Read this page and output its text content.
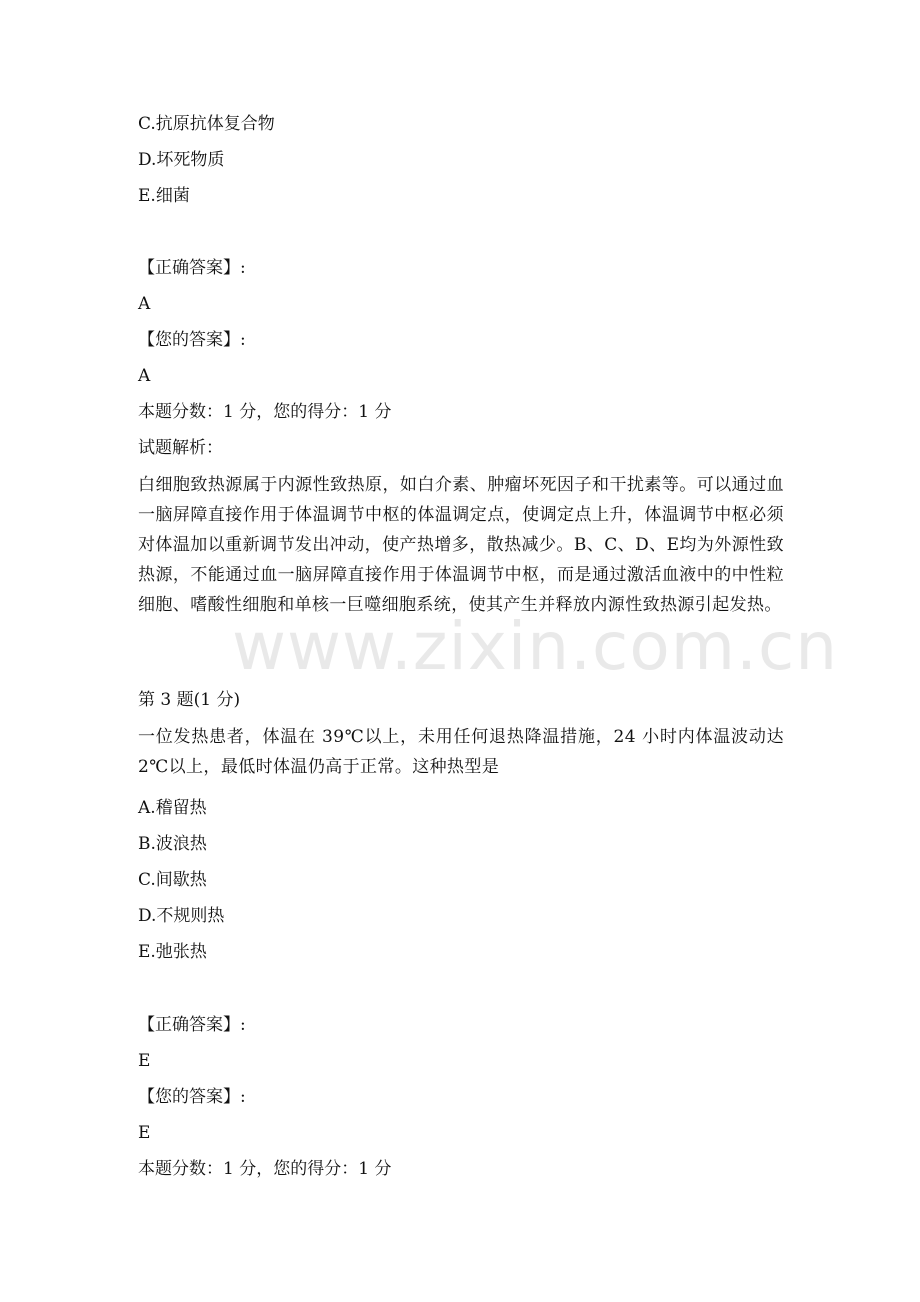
www.zixin.com.cn
C.抗原抗体复合物
D.坏死物质
E.细菌
【正确答案】:
A
【您的答案】:
A
本题分数：1 分，您的得分：1 分
试题解析：
白细胞致热源属于内源性致热原，如白介素、肿瘤坏死因子和干扰素等。可以通过血一脑屏障直接作用于体温调节中枢的体温调定点，使调定点上升，体温调节中枢必须对体温加以重新调节发出冲动，使产热增多，散热减少。B、C、D、E均为外源性致热源，不能通过血一脑屏障直接作用于体温调节中枢，而是通过激活血液中的中性粒细胞、嗜酸性细胞和单核一巨噬细胞系统，使其产生并释放内源性致热源引起发热。
第 3 题(1 分)
一位发热患者，体温在 39℃以上，未用任何退热降温措施，24 小时内体温波动达 2℃以上，最低时体温仍高于正常。这种热型是
A.稽留热
B.波浪热
C.间歇热
D.不规则热
E.弛张热
【正确答案】:
E
【您的答案】:
E
本题分数：1 分，您的得分：1 分
